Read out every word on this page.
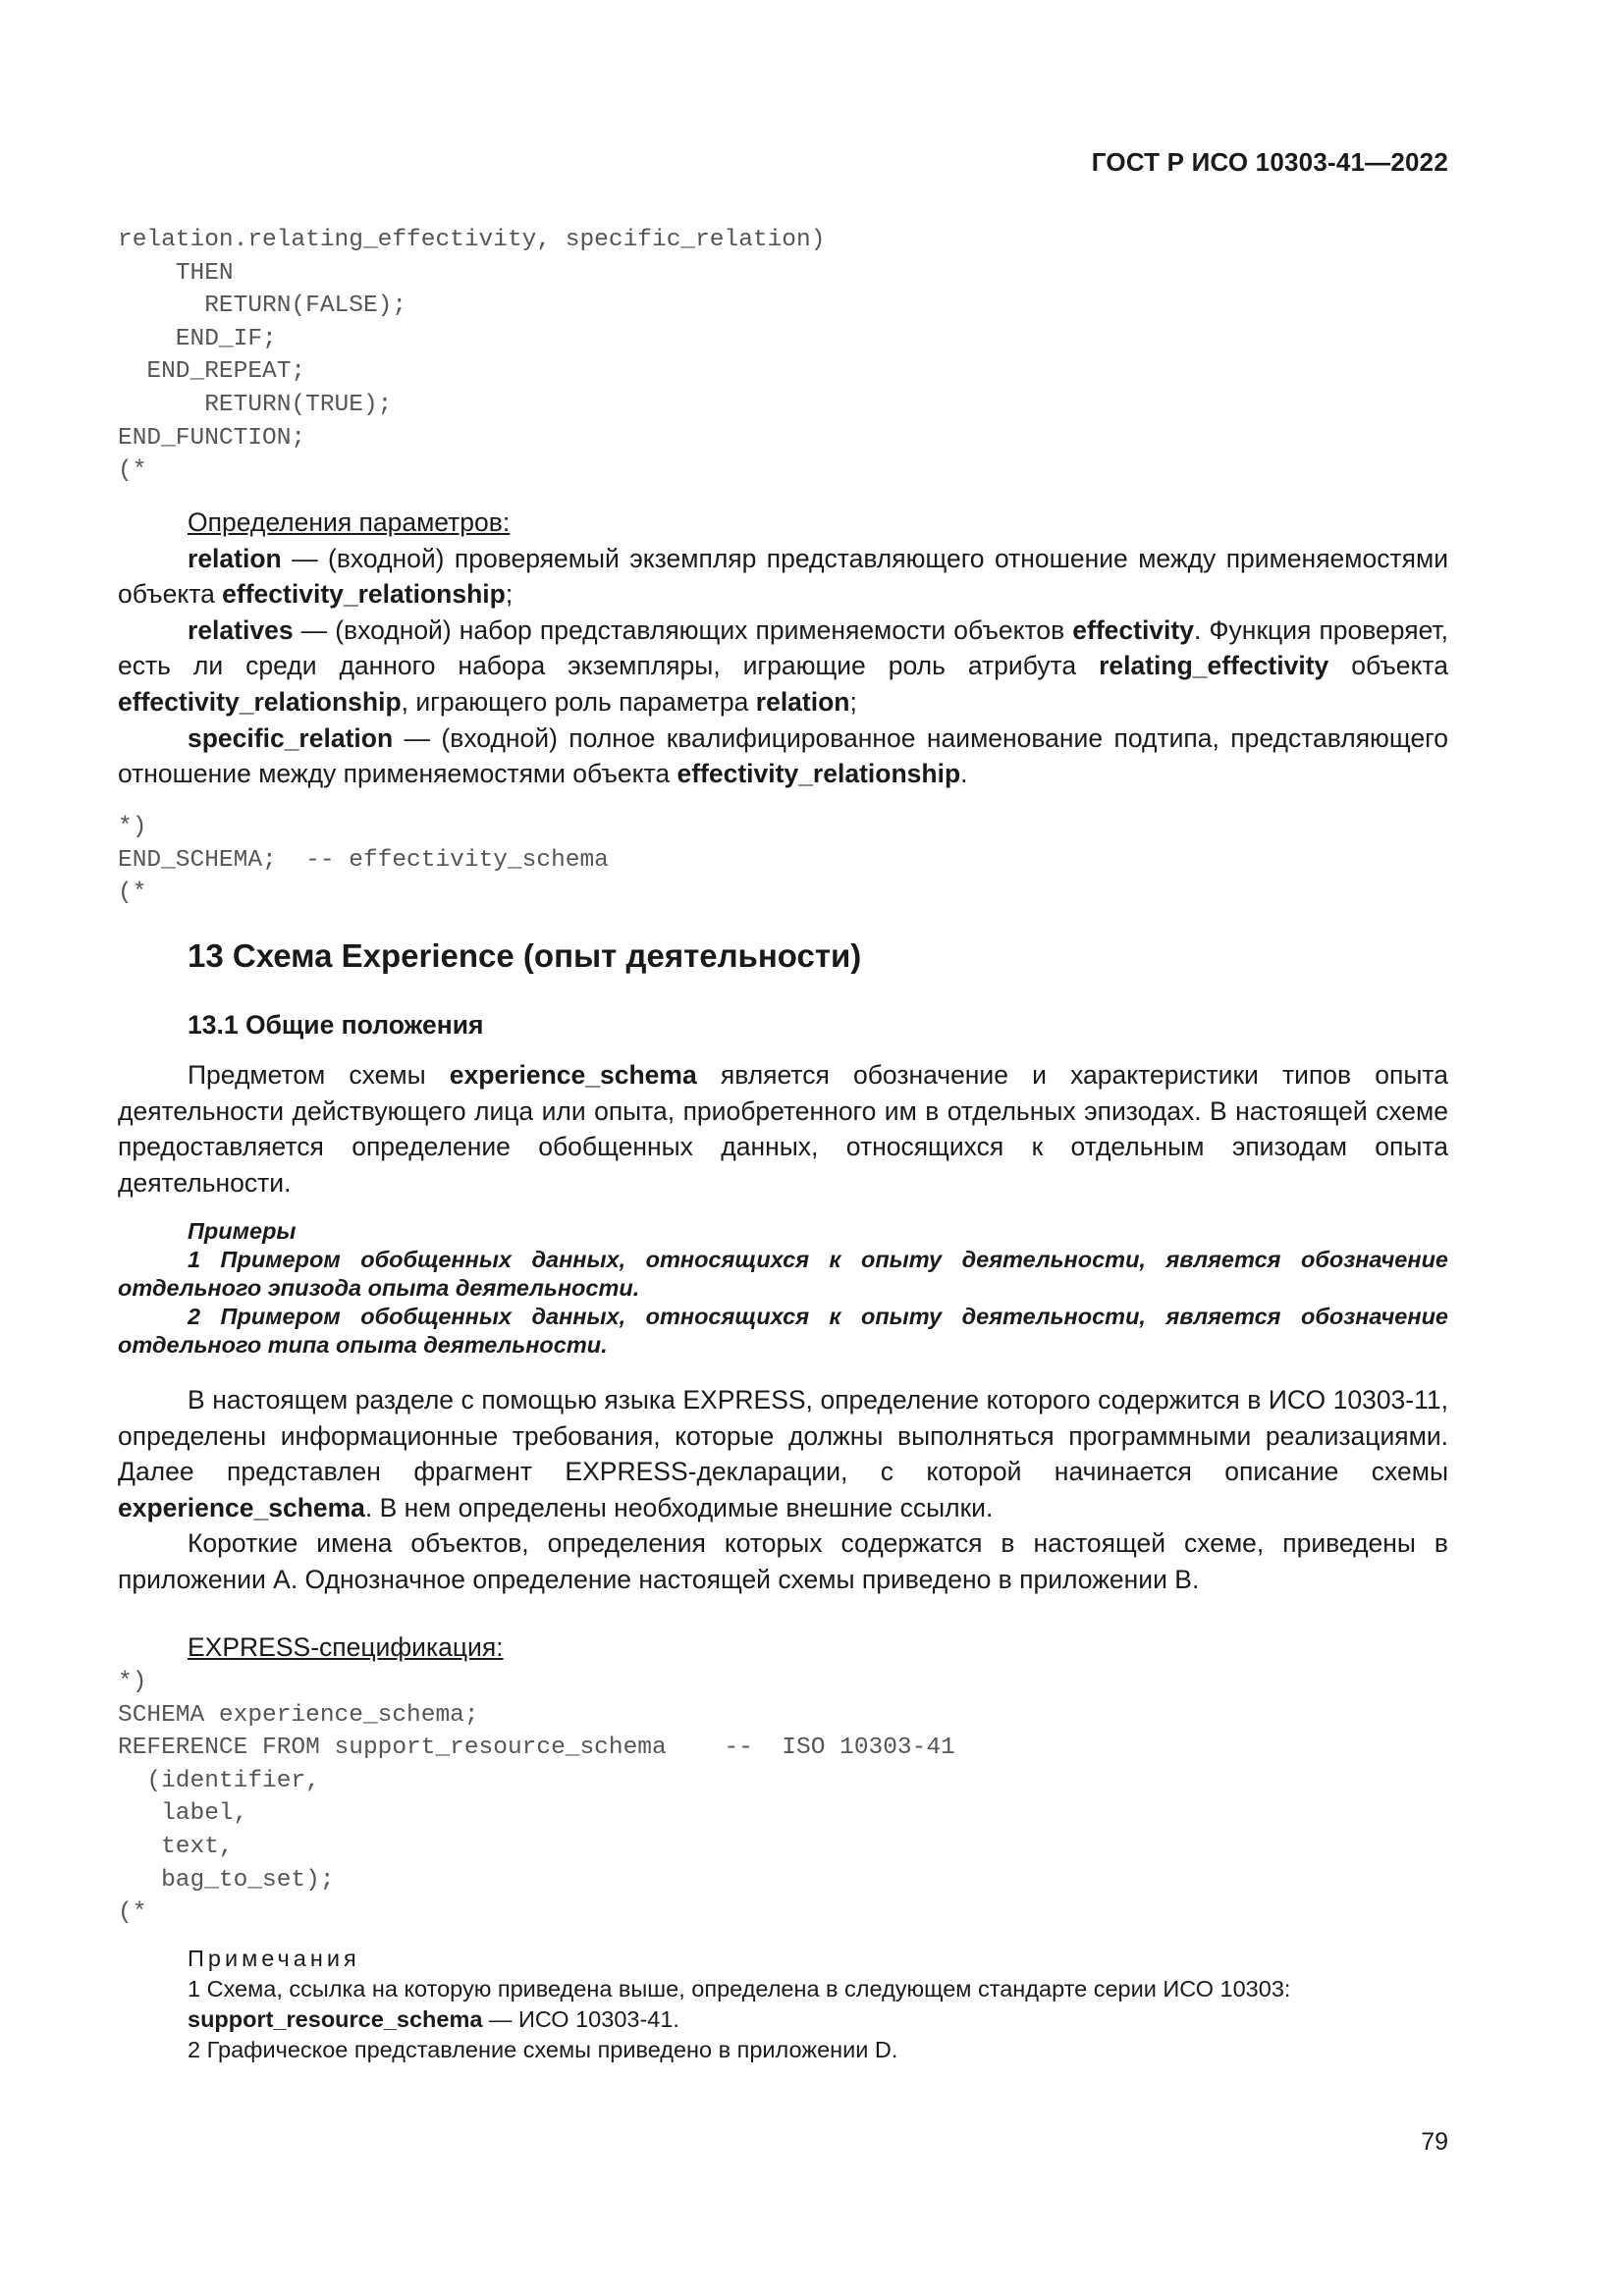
ГОСТ Р ИСО 10303-41—2022
relation.relating_effectivity, specific_relation)
THEN
RETURN(FALSE);
END_IF;
END_REPEAT;
RETURN(TRUE);
END_FUNCTION;
(*

Определения параметров:

relation — (входной) проверяемый экземпляр представляющего отношение между применяемостями объекта effectivity_relationship;

relatives — (входной) набор представляющих применяемости объектов effectivity. Функция проверяет, есть ли среди данного набора экземпляры, играющие роль атрибута relating_effectivity объекта effectivity_relationship, играющего роль параметра relation;

specific_relation — (входной) полное квалифицированное наименование подтипа, представляющего отношение между применяемостями объекта effectivity_relationship.

*)
END_SCHEMA;  -- effectivity_schema
(*

13 Схема Experience (опыт деятельности)

13.1 Общие положения

Предметом схемы experience_schema является обозначение и характеристики типов опыта деятельности действующего лица или опыта, приобретенного им в отдельных эпизодах. В настоящей схеме предоставляется определение обобщенных данных, относящихся к отдельным эпизодам опыта деятельности.

Примеры

1 Примером обобщенных данных, относящихся к опыту деятельности, является обозначение отдельного эпизода опыта деятельности.

2 Примером обобщенных данных, относящихся к опыту деятельности, является обозначение отдельного типа опыта деятельности.

В настоящем разделе с помощью языка EXPRESS, определение которого содержится в ИСО 10303-11, определены информационные требования, которые должны выполняться программными реализациями. Далее представлен фрагмент EXPRESS-декларации, с которой начинается описание схемы experience_schema. В нем определены необходимые внешние ссылки.

Короткие имена объектов, определения которых содержатся в настоящей схеме, приведены в приложении А. Однозначное определение настоящей схемы приведено в приложении В.

EXPRESS-спецификация:

*)
SCHEMA experience_schema;
REFERENCE FROM support_resource_schema    --  ISO 10303-41
(identifier,
label,
text,
bag_to_set);
(*

Примечания

1 Схема, ссылка на которую приведена выше, определена в следующем стандарте серии ИСО 10303:

support_resource_schema — ИСО 10303-41.

2 Графическое представление схемы приведено в приложении D.

79
